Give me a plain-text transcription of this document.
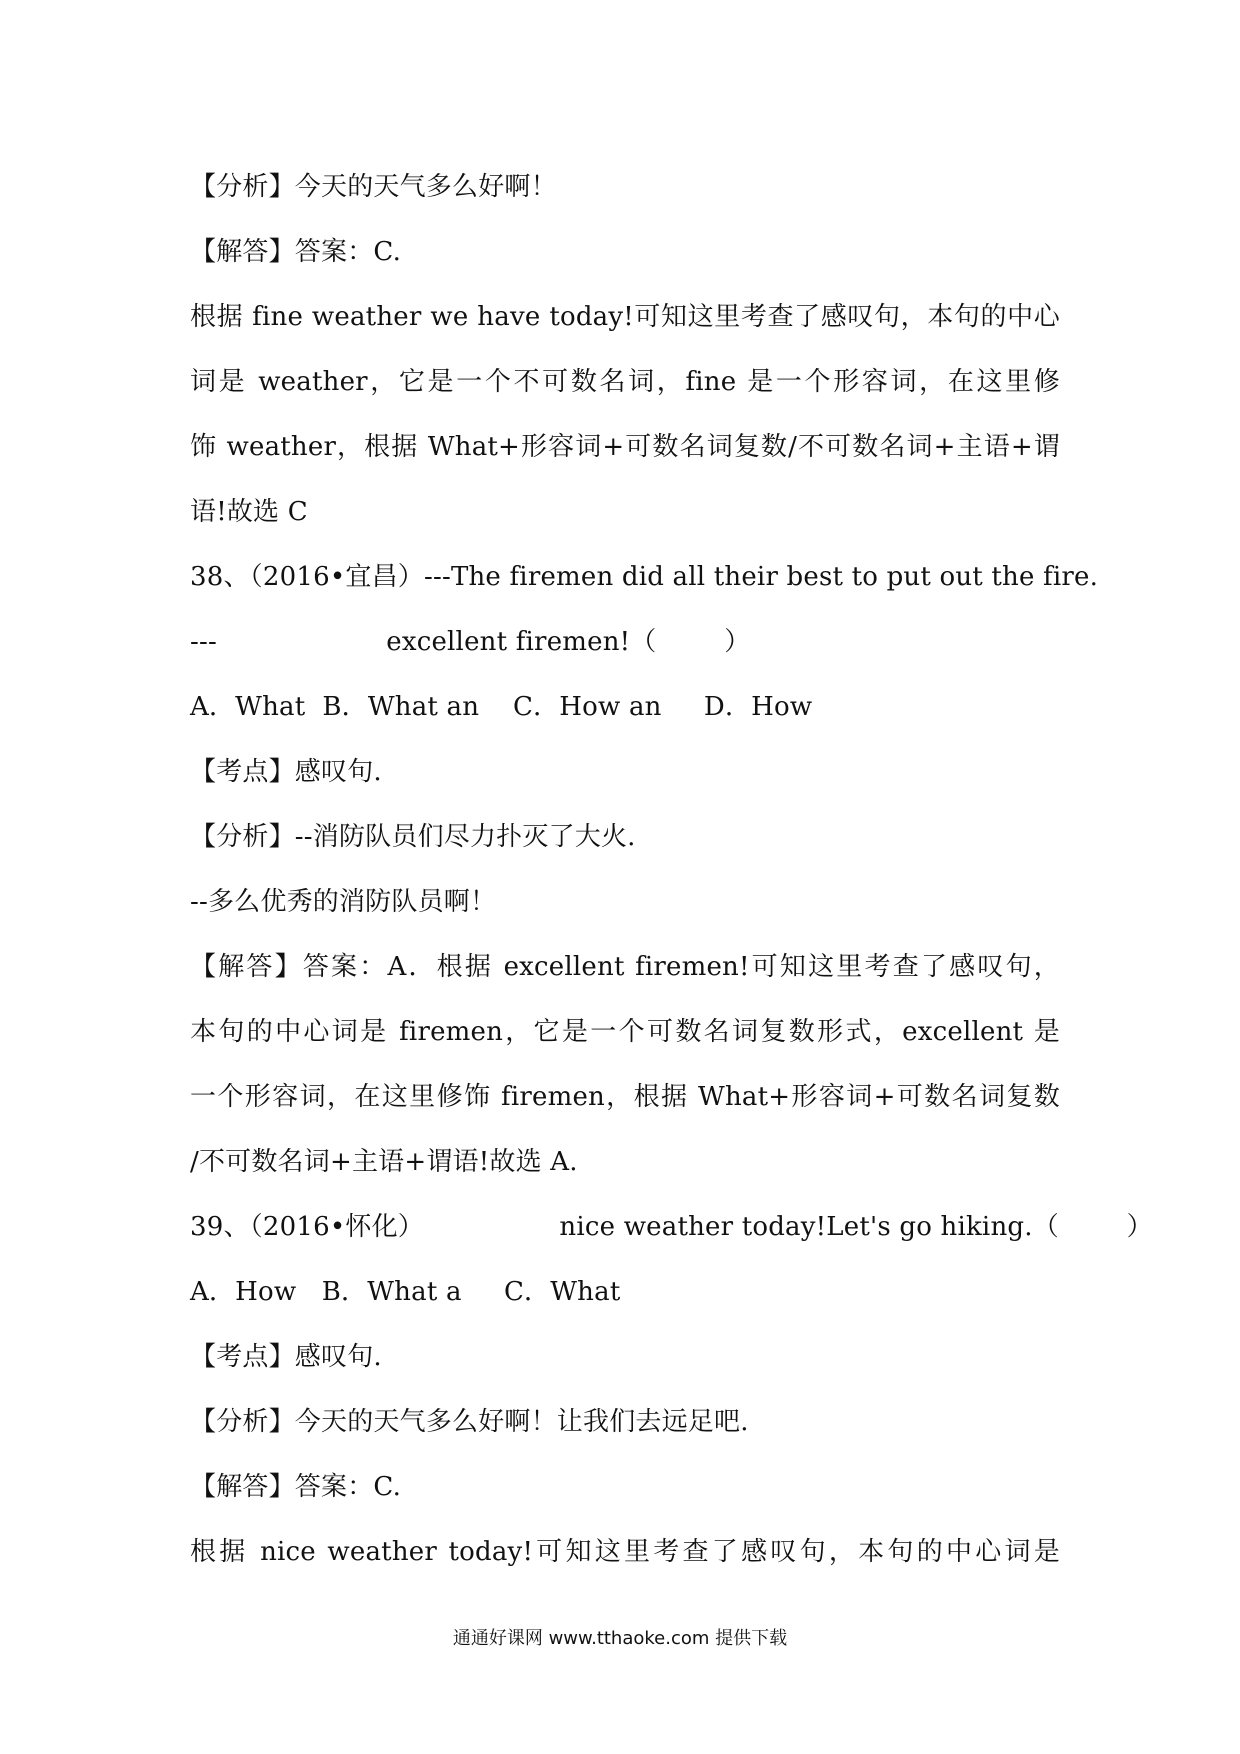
【分析】今天的天气多么好啊！
【解答】答案：C.
根据 fine weather we have today!可知这里考查了感叹句，本句的中心
词是 weather，它是一个不可数名词，fine 是一个形容词，在这里修
饰 weather，根据 What+形容词+可数名词复数/不可数名词+主语+谓
语!故选 C
38、（2016•宜昌）---The firemen did all their best to put out the fire.
---                    excellent firemen!（        ）
A．What  B．What an    C．How an     D．How
【考点】感叹句.
【分析】--消防队员们尽力扑灭了大火.
--多么优秀的消防队员啊！
【解答】答案：A．根据 excellent firemen!可知这里考查了感叹句，
本句的中心词是 firemen，它是一个可数名词复数形式，excellent 是
一个形容词，在这里修饰 firemen，根据 What+形容词+可数名词复数
/不可数名词+主语+谓语!故选 A.
39、（2016•怀化）                nice weather today!Let's go hiking.（        ）
A．How   B．What a     C．What
【考点】感叹句.
【分析】今天的天气多么好啊！让我们去远足吧.
【解答】答案：C.
根据 nice weather today!可知这里考查了感叹句，本句的中心词是
通通好课网 www.tthaoke.com 提供下载
